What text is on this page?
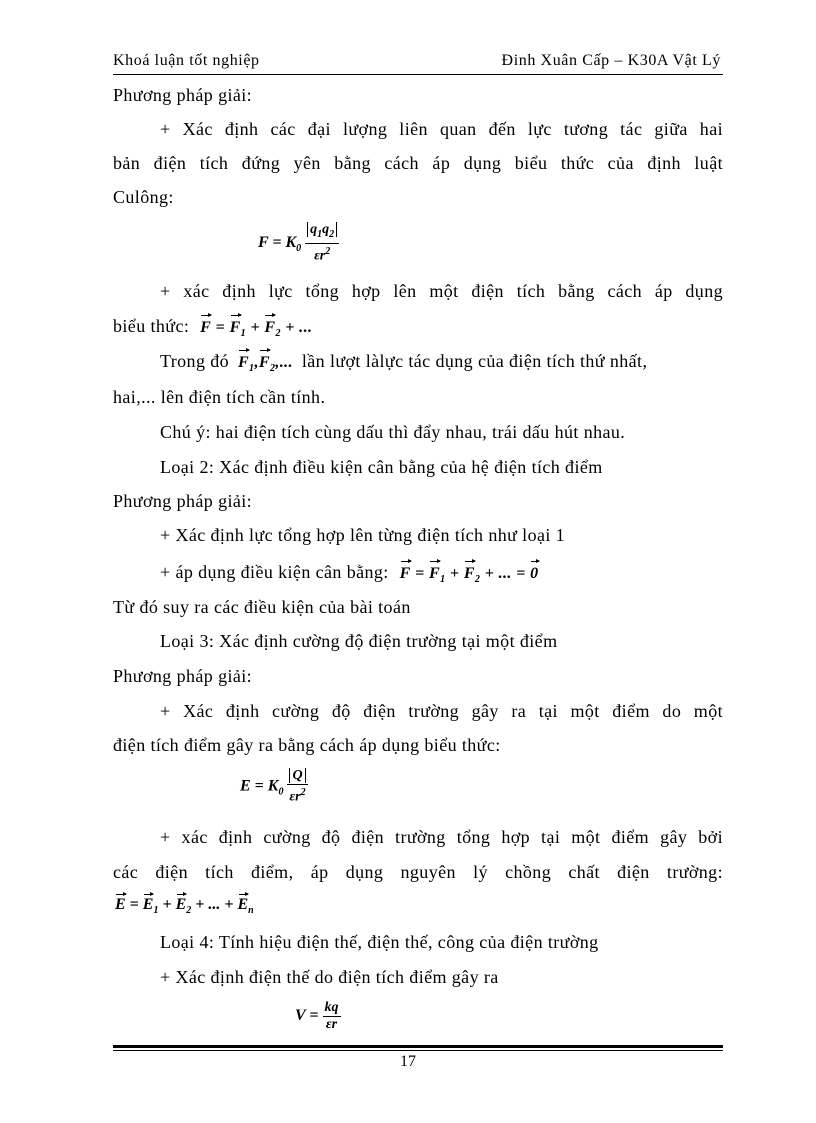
Khoá luận tốt nghiệp	Đinh Xuân Cấp – K30A Vật Lý
Phương pháp giải:
+ Xác định các đại lượng liên quan đến lực tương tác giữa hai
bản điện tích đứng yên bằng cách áp dụng biểu thức của định luật
Culông:
$F = K_0 \frac{q_1q_2}{\varepsilon r^2}$
+ xác định lực tổng hợp lên một điện tích bằng cách áp dụng
biểu thức: $F = F_1 + F_2$ + ...
Trong đó $F_1,F_2$,... lần lượt làlực tác dụng của điện tích thứ nhất,
hai,... lên điện tích cần tính.
Chú ý: hai điện tích cùng dấu thì đẩy nhau, trái dấu hút nhau.
Loại 2: Xác định điều kiện cân bằng của hệ điện tích điểm
Phương pháp giải:
+ Xác định lực tổng hợp lên từng điện tích như loại 1
+ áp dụng điều kiện cân bằng: $F = F_1 + F_2$ + ... = 0
Từ đó suy ra các điều kiện của bài toán
Loại 3: Xác định cường độ điện trường tại một điểm
Phương pháp giải:
+ Xác định cường độ điện trường gây ra tại một điểm do một
điện tích điểm gây ra bằng cách áp dụng biểu thức:
$E = K_0 \frac{Q}{\varepsilon r^2}$
+ xác định cường độ điện trường tổng hợp tại một điểm gây bởi
các điện tích điểm, áp dụng nguyên lý chồng chất điện trường:
$E = E_1 + E_2$ + ... + $E_n$
Loại 4: Tính hiệu điện thế, điện thế, công của điện trường
+ Xác định điện thế do điện tích điểm gây ra
$V = \frac{kq}{\varepsilon r}$
17
